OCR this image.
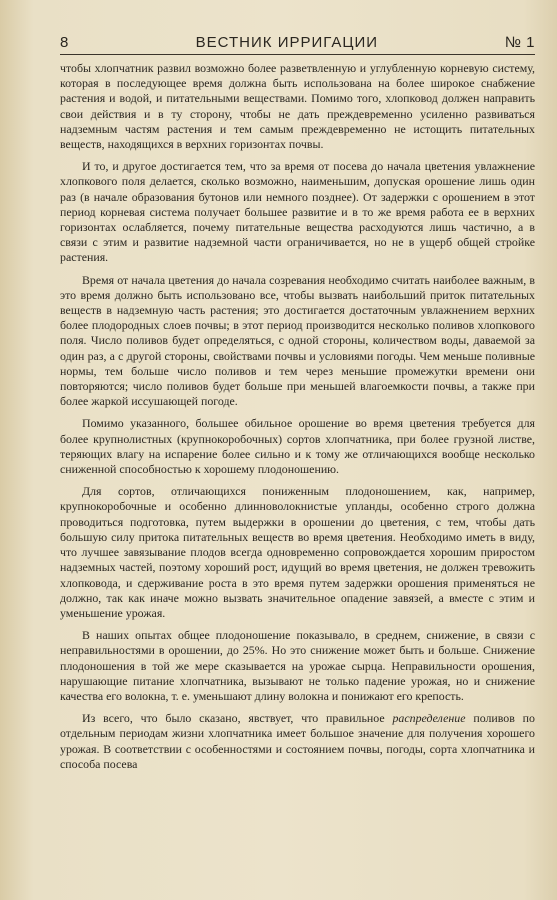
8	ВЕСТНИК ИРРИГАЦИИ	№ 1

чтобы хлопчатник развил возможно более разветвленную и углубленную корневую систему, которая в последующее время должна быть использована на более широкое снабжение растения и водой, и питательными веществами. Помимо того, хлопковод должен направить свои действия и в ту сторону, чтобы не дать преждевременно усиленно развиваться надземным частям растения и тем самым преждевременно не истощить питательных веществ, находящихся в верхних горизонтах почвы.

И то, и другое достигается тем, что за время от посева до начала цветения увлажнение хлопкового поля делается, сколько возможно, наименьшим, допуская орошение лишь один раз (в начале образования бутонов или немного позднее). От задержки с орошением в этот период корневая система получает большее развитие и в то же время работа ее в верхних горизонтах ослабляется, почему питательные вещества расходуются лишь частично, а в связи с этим и развитие надземной части ограничивается, но не в ущерб общей стройке растения.

Время от начала цветения до начала созревания необходимо считать наиболее важным, в это время должно быть использовано все, чтобы вызвать наибольший приток питательных веществ в надземную часть растения; это достигается достаточным увлажнением верхних более плодородных слоев почвы; в этот период производится несколько поливов хлопкового поля. Число поливов будет определяться, с одной стороны, количеством воды, даваемой за один раз, а с другой стороны, свойствами почвы и условиями погоды. Чем меньше поливные нормы, тем больше число поливов и тем через меньшие промежутки времени они повторяются; число поливов будет больше при меньшей влагоемкости почвы, а также при более жаркой иссушающей погоде.

Помимо указанного, большее обильное орошение во время цветения требуется для более крупнолистных (крупнокоробочных) сортов хлопчатника, при более грузной листве, теряющих влагу на испарение более сильно и к тому же отличающихся вообще несколько сниженной способностью к хорошему плодоношению.

Для сортов, отличающихся пониженным плодоношением, как, например, крупнокоробочные и особенно длинноволокнистые упланды, особенно строго должна проводиться подготовка, путем выдержки в орошении до цветения, с тем, чтобы дать большую силу притока питательных веществ во время цветения. Необходимо иметь в виду, что лучшее завязывание плодов всегда одновременно сопровождается хорошим приростом надземных частей, поэтому хороший рост, идущий во время цветения, не должен тревожить хлопковода, и сдерживание роста в это время путем задержки орошения применяться не должно, так как иначе можно вызвать значительное опадение завязей, а вместе с этим и уменьшение урожая.

В наших опытах общее плодоношение показывало, в среднем, снижение, в связи с неправильностями в орошении, до 25%. Но это снижение может быть и больше. Снижение плодоношения в той же мере сказывается на урожае сырца. Неправильности орошения, нарушающие питание хлопчатника, вызывают не только падение урожая, но и снижение качества его волокна, т. е. уменьшают длину волокна и понижают его крепость.

Из всего, что было сказано, явствует, что правильное распределение поливов по отдельным периодам жизни хлопчатника имеет большое значение для получения хорошего урожая. В соответствии с особенностями и состоянием почвы, погоды, сорта хлопчатника и способа посева
